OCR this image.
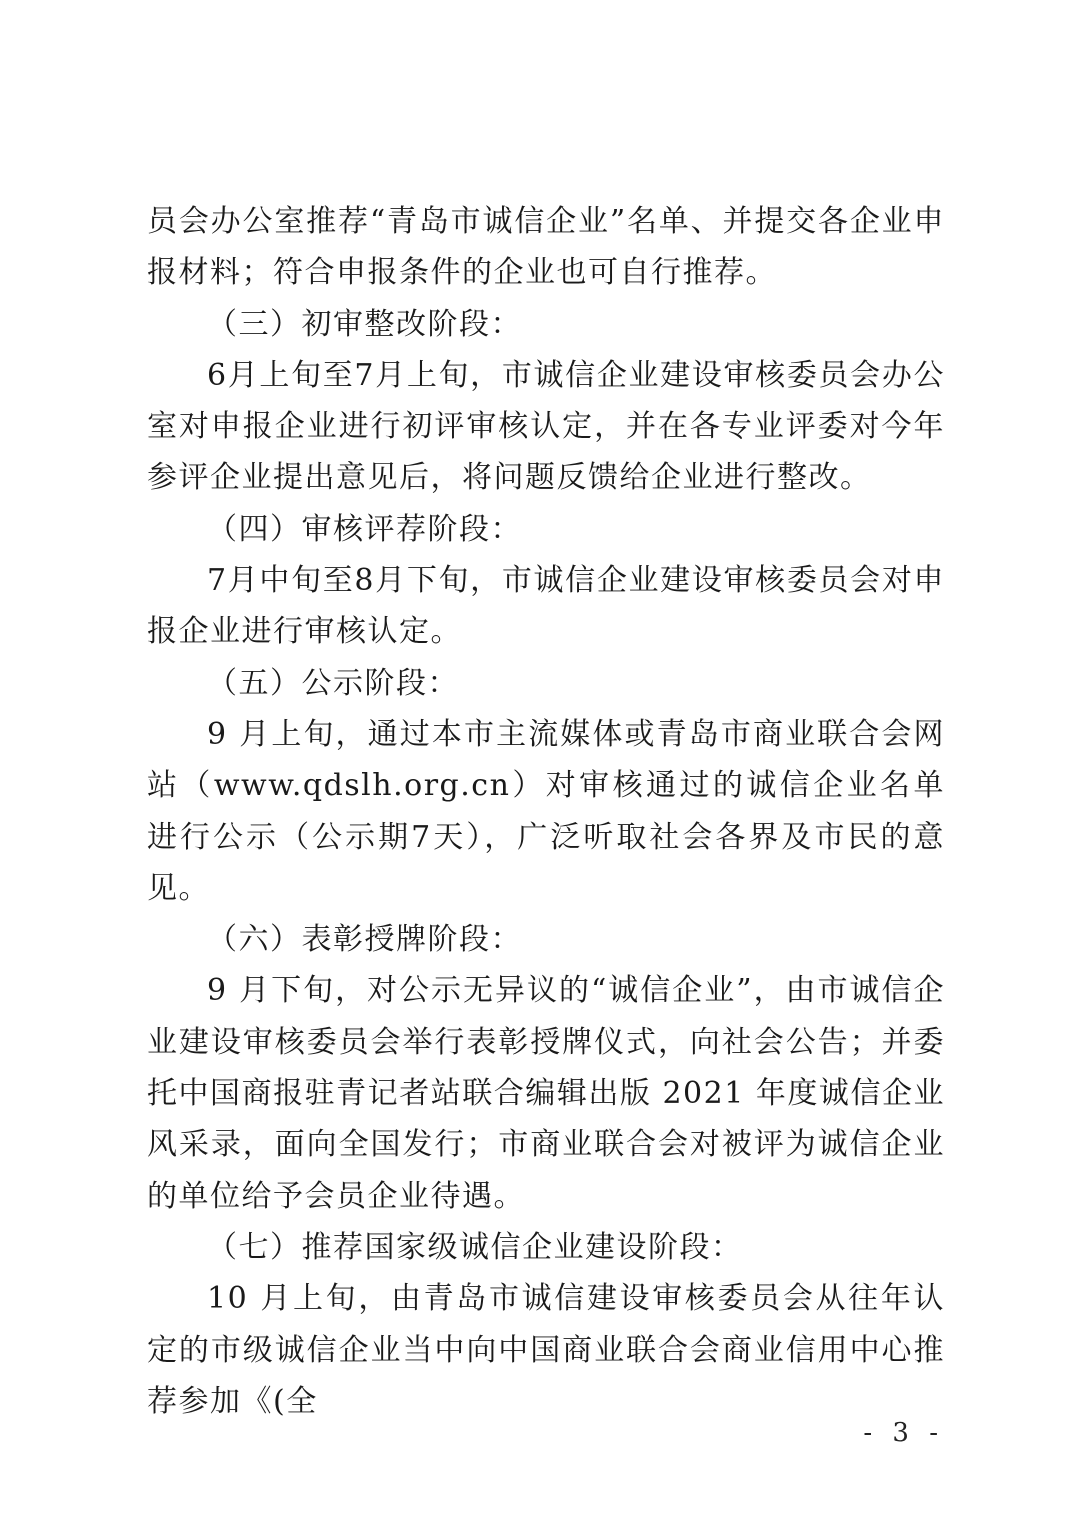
员会办公室推荐“青岛市诚信企业”名单、并提交各企业申报材料；符合申报条件的企业也可自行推荐。

（三）初审整改阶段：

6月上旬至7月上旬，市诚信企业建设审核委员会办公室对申报企业进行初评审核认定，并在各专业评委对今年参评企业提出意见后，将问题反馈给企业进行整改。

（四）审核评荐阶段：

7月中旬至8月下旬，市诚信企业建设审核委员会对申报企业进行审核认定。

（五）公示阶段：

9 月上旬，通过本市主流媒体或青岛市商业联合会网站（www.qdslh.org.cn）对审核通过的诚信企业名单进行公示（公示期7天），广泛听取社会各界及市民的意见。

（六）表彰授牌阶段：

9 月下旬，对公示无异议的“诚信企业”，由市诚信企业建设审核委员会举行表彰授牌仪式，向社会公告；并委托中国商报驻青记者站联合编辑出版 2021 年度诚信企业风采录，面向全国发行；市商业联合会对被评为诚信企业的单位给予会员企业待遇。

（七）推荐国家级诚信企业建设阶段：

10 月上旬，由青岛市诚信建设审核委员会从往年认定的市级诚信企业当中向中国商业联合会商业信用中心推荐参加《(全

- 3 -
